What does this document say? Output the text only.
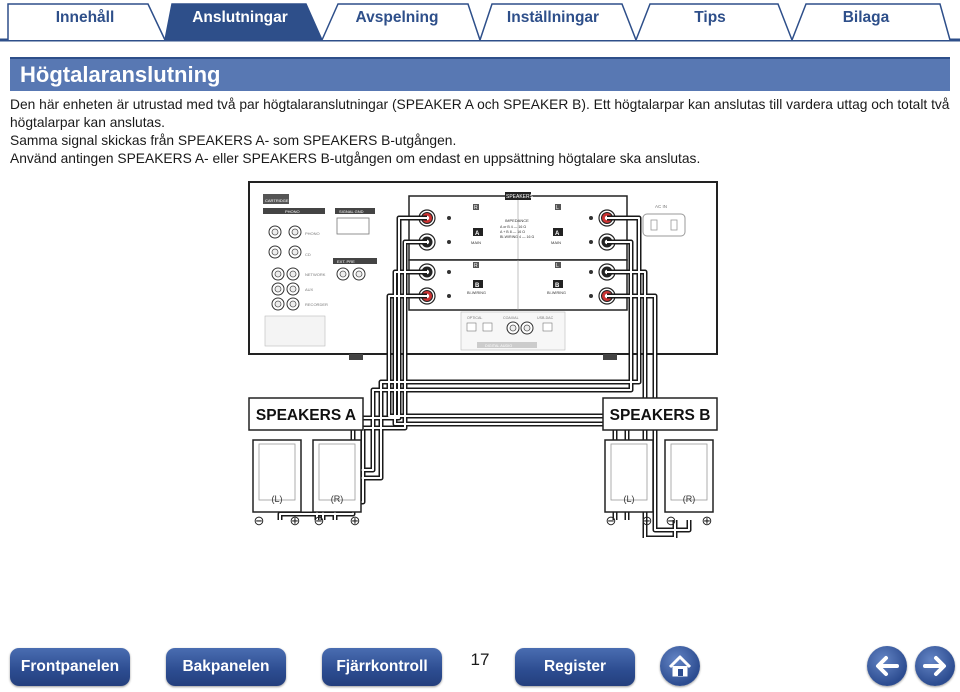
Innehåll	Anslutningar	Avspelning	Inställningar	Tips	Bilaga
Högtalaranslutning

Den här enheten är utrustad med två par högtalaranslutningar (SPEAKER A och SPEAKER B). Ett högtalarpar kan anslutas till vardera uttag och totalt två högtalarpar kan anslutas.

Samma signal skickas från SPEAKERS A- som SPEAKERS B-utgången.

Använd antingen SPEAKERS A- eller SPEAKERS B-utgången om endast en uppsättning högtalare ska anslutas.

CARTRIDGE
PHONO
PHONO
CD
NETWORK
AUX
RECORDER
SIGNAL GND
EXT. PRE
SPEAKERS
R	L
A	A
MAIN	MAIN
IMPEDANCE
A or B 4 — 16 Ω
A + B 8 — 16 Ω
BI-WIRING 4 — 16 Ω
R	L
B	B
BI-WIRING	BI-WIRING
OPTICAL	COAXIAL	USB-DAC
DIGITAL AUDIO
AC IN
SPEAKERS A	SPEAKERS B
(L)
⊖ ⊕
(R)
⊖ ⊕
(L)
⊖ ⊕
(R)
⊖ ⊕
Frontpanelen	Bakpanelen	Fjärrkontroll	17	Register
